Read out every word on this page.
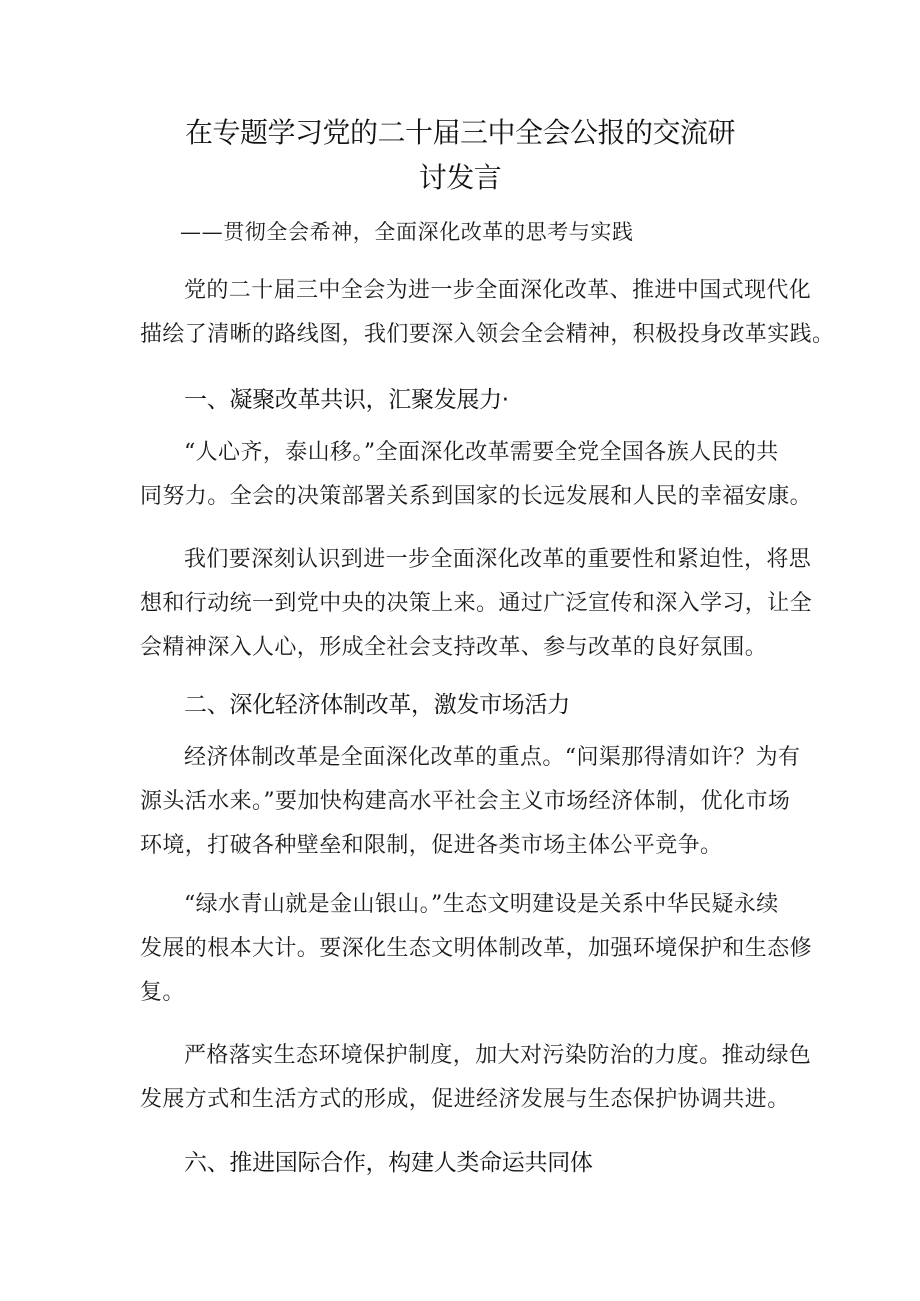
在专题学习党的二十届三中全会公报的交流研
讨发言

——贯彻全会希神，全面深化改革的思考与实践

党的二十届三中全会为进一步全面深化改革、推进中国式现代化
描绘了清晰的路线图，我们要深入领会全会精神，积极投身改革实践。

一、凝聚改革共识，汇聚发展力·

“人心齐，泰山移。”全面深化改革需要全党全国各族人民的共
同努力。全会的决策部署关系到国家的长远发展和人民的幸福安康。

我们要深刻认识到进一步全面深化改革的重要性和紧迫性，将思
想和行动统一到党中央的决策上来。通过广泛宣传和深入学习，让全
会精神深入人心，形成全社会支持改革、参与改革的良好氛围。

二、深化轻济体制改革，激发市场活力

经济体制改革是全面深化改革的重点。“问渠那得清如许？为有
源头活水来。”要加快构建高水平社会主义市场经济体制，优化市场
环境，打破各种壁垒和限制，促进各类市场主体公平竞争。

“绿水青山就是金山银山。”生态文明建设是关系中华民疑永续
发展的根本大计。要深化生态文明体制改革，加强环境保护和生态修
复。

严格落实生态环境保护制度，加大对污染防治的力度。推动绿色
发展方式和生活方式的形成，促进经济发展与生态保护协调共进。

六、推进国际合作，构建人类命运共同体
